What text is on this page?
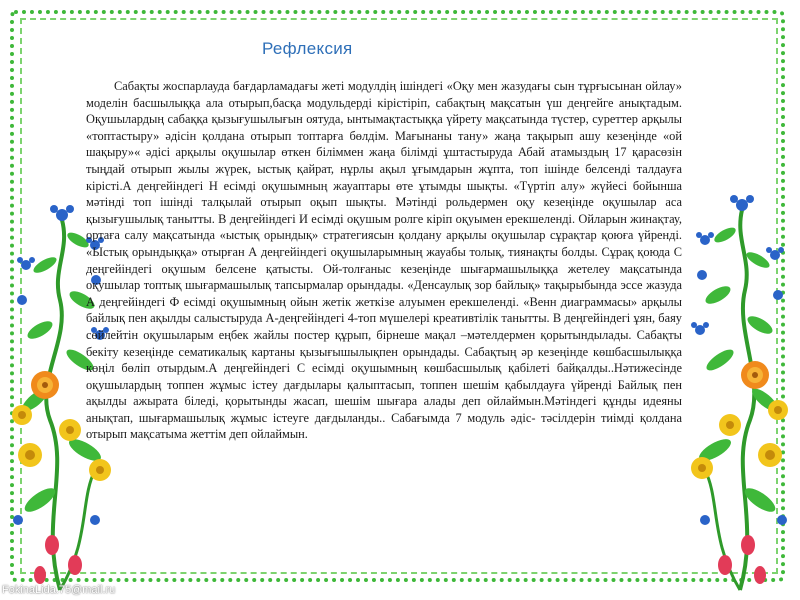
Рефлексия
Сабақты жоспарлауда бағдарламадағы жеті модулдің ішіндегі «Оқу мен жазудағы сын тұрғысынан ойлау» моделін басшылыққа ала отырып,басқа модульдерді кірістіріп, сабақтың мақсатын үш деңгейге анықтадым. Оқушылардың сабаққа қызығушылығын оятуда, ынтымақтастыққа үйрету мақсатында түстер, суреттер арқылы «топтастыру» әдісін қолдана отырып топтарға бөлдім. Мағынаны тану» жаңа тақырып ашу кезеңінде «ой шақыру»« әдісі арқылы оқушылар өткен біліммен жаңа білімді ұштастыруда Абай атамыздың 17 қарасөзін тыңдай отырып жылы жүрек, ыстық қайрат, нұрлы ақыл ұғымдарын жұпта, топ ішінде белсенді талдауға кірісті.А деңгейіндегі Н есімді оқушымның жауаптары өте ұтымды шықты. «Түртіп алу» жүйесі бойынша мәтінді топ ішінді талқылай отырып оқып шықты. Мәтінді рольдермен оқу кезеңінде оқушылар аса қызығушылық танытты. В деңгейіндегі И есімді оқушым ролге кіріп оқуымен ерекшеленді. Ойларын жинақтау, ортаға салу мақсатында «ыстық орындық» стратегиясын қолдану арқылы оқушылар сұрақтар қоюға үйренді. «Ыстық орындыққа» отырған А деңгейіндегі оқушыларымның жауабы толық, тиянақты болды. Сұрақ қоюда С деңгейіндегі оқушым белсене қатысты. Ой-толғаныс кезеңінде шығармашылыққа жетелеу мақсатында оқушылар топтық шығармашылық тапсырмалар орындады. «Денсаулық зор байлық» тақырыбында эссе жазуда А деңгейіндегі Ф есімді оқушымның ойын жетік жеткізе алуымен ерекшеленді. «Венн диаграммасы» арқылы байлық пен ақылды салыстыруда А-деңгейіндегі 4-топ мүшелері креативтілік танытты. В деңгейіндегі ұян, баяу сөйлейтін оқушыларым еңбек жайлы постер құрып, бірнеше мақал –мәтелдермен қорытындылады. Сабақты бекіту кезеңінде сематикалық картаны қызығышылықпен орындады. Сабақтың әр кезеңінде көшбасшылыққа көңіл бөліп отырдым.А деңгейіндегі С есімді оқушымның көшбасшылық қабілеті байқалды..Нәтижесінде оқушылардың топпен жұмыс істеу дағдылары қалыптасып, топпен шешім қабылдауға үйренді Байлық пен ақылды ажырата біледі, қорытынды жасап, шешім шығара алады деп ойлаймын.Мәтіндегі құнды идеяны анықтап, шығармашылық жұмыс істеуге дағдыланды.. Сабағымда 7 модуль әдіс- тәсілдерін тиімді қолдана отырып мақсатыма жеттім деп ойлаймын.
FokinaLida.75@mail.ru
